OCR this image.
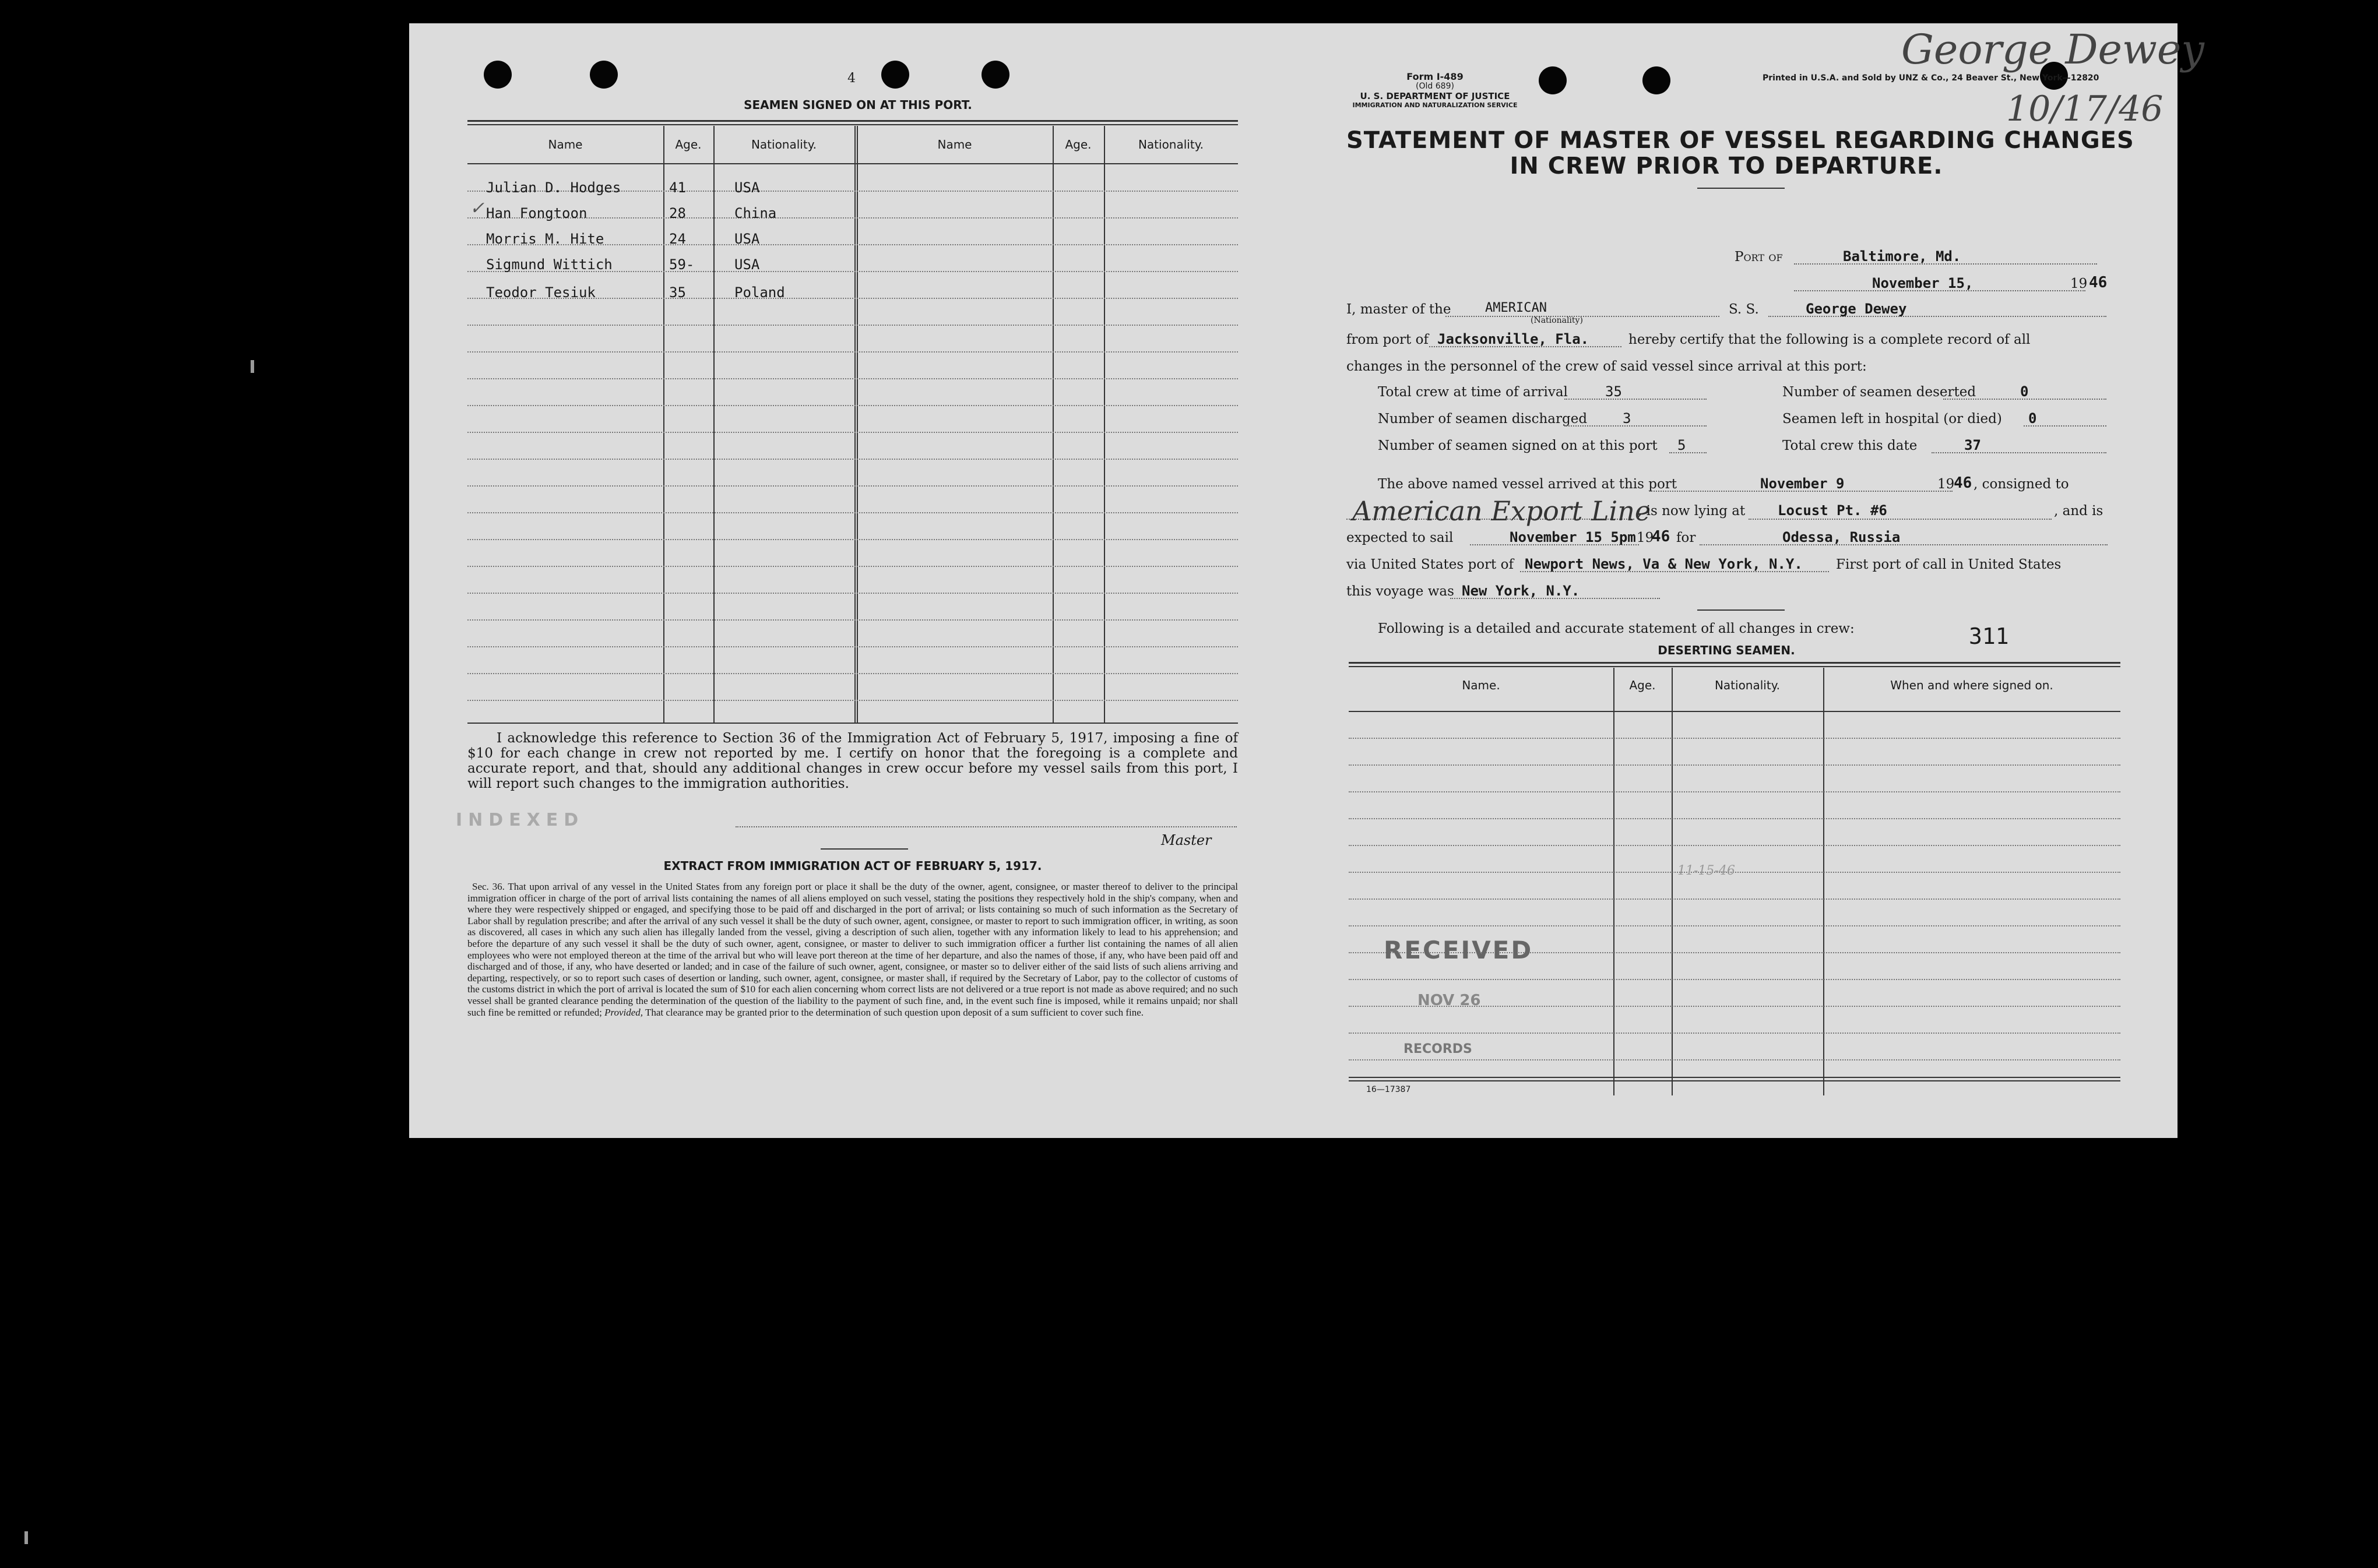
4
SEAMEN SIGNED ON AT THIS PORT.
Name	Age.	Nationality.	Name	Age.	Nationality.
Julian D. Hodges	41	USA
✓ Han Fongtoon	28	China
Morris M. Hite	24	USA
Sigmund Wittich	59-	USA
Teodor Tesiuk	35	Poland

I acknowledge this reference to Section 36 of the Immigration Act of February 5, 1917, imposing a fine of $10 for each change in crew not reported by me. I certify on honor that the foregoing is a complete and accurate report, and that, should any additional changes in crew occur before my vessel sails from this port, I will report such changes to the immigration authorities.

INDEXED
Master
EXTRACT FROM IMMIGRATION ACT OF FEBRUARY 5, 1917.

Sec. 36. That upon arrival of any vessel in the United States from any foreign port or place it shall be the duty of the owner, agent, consignee, or master thereof to deliver to the principal immigration officer in charge of the port of arrival lists containing the names of all aliens employed on such vessel, stating the positions they respectively hold in the ship's company, when and where they were respectively shipped or engaged, and specifying those to be paid off and discharged in the port of arrival; or lists containing so much of such information as the Secretary of Labor shall by regulation prescribe; and after the arrival of any such vessel it shall be the duty of such owner, agent, consignee, or master to report to such immigration officer, in writing, as soon as discovered, all cases in which any such alien has illegally landed from the vessel, giving a description of such alien, together with any information likely to lead to his apprehension; and before the departure of any such vessel it shall be the duty of such owner, agent, consignee, or master to deliver to such immigration officer a further list containing the names of all alien employees who were not employed thereon at the time of the arrival but who will leave port thereon at the time of her departure, and also the names of those, if any, who have been paid off and discharged and of those, if any, who have deserted or landed; and in case of the failure of such owner, agent, consignee, or master so to deliver either of the said lists of such aliens arriving and departing, respectively, or so to report such cases of desertion or landing, such owner, agent, consignee, or master shall, if required by the Secretary of Labor, pay to the collector of customs of the customs district in which the port of arrival is located the sum of $10 for each alien concerning whom correct lists are not delivered or a true report is not made as above required; and no such vessel shall be granted clearance pending the determination of the question of the liability to the payment of such fine, and, in the event such fine is imposed, while it remains unpaid; nor shall such fine be remitted or refunded; Provided, That clearance may be granted prior to the determination of such question upon deposit of a sum sufficient to cover such fine.

George Dewey
10/17/46
Form I-489
(Old 689)
U. S. DEPARTMENT OF JUSTICE
IMMIGRATION AND NATURALIZATION SERVICE
Printed in U.S.A. and Sold by UNZ & Co., 24 Beaver St., New York—12820
STATEMENT OF MASTER OF VESSEL REGARDING CHANGES
IN CREW PRIOR TO DEPARTURE.
Port of	Baltimore, Md.
November 15,	19 46
I, master of the	AMERICAN
(Nationality)
S. S.	George Dewey
from port of Jacksonville, Fla.	hereby certify that the following is a complete record of all
changes in the personnel of the crew of said vessel since arrival at this port:
Total crew at time of arrival	35
Number of seamen discharged	3
Number of seamen signed on at this port 5
Number of seamen deserted	0
Seamen left in hospital (or died) 0
Total crew this date	37
The above named vessel arrived at this port	November 9	19
46 , consigned to
American Export Line
, is now lying at Locust Pt. #6	, and is
expected to sail	November 15 5pm 19
46 for	Odessa, Russia
via United States port of Newport News, Va & New York, N.Y. First port of call in United States
this voyage was New York, N.Y.
Following is a detailed and accurate statement of all changes in crew:	311
DESERTING SEAMEN.
Name.	Age.	Nationality.	When and where signed on.
11-15-46
RECEIVED
NOV 26
RECORDS
16—17387
